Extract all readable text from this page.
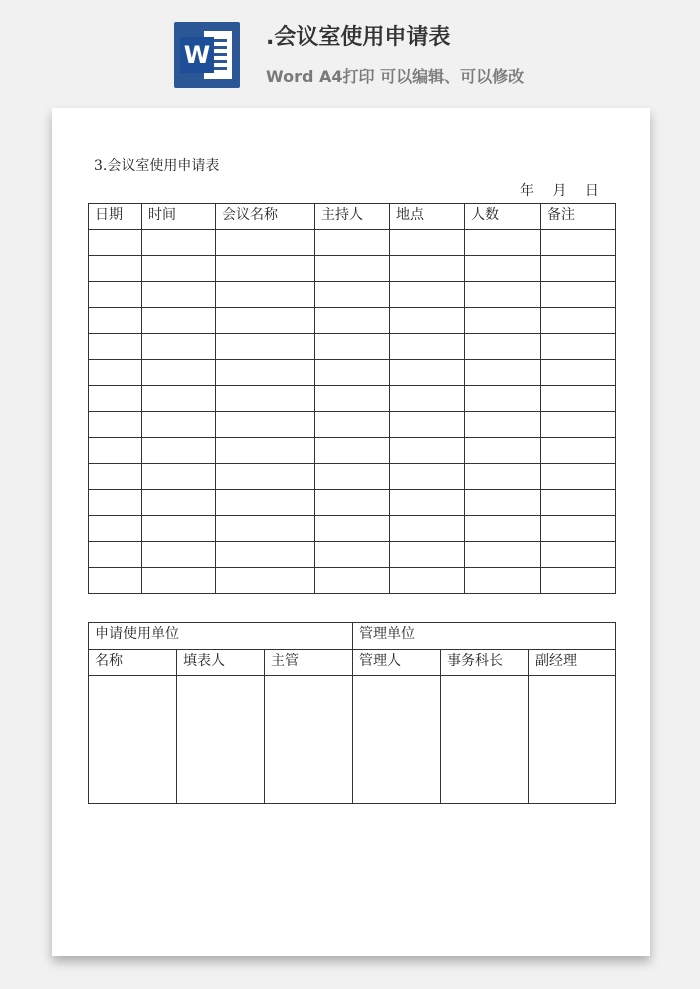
W
.会议室使用申请表
Word A4打印 可以编辑、可以修改
3.会议室使用申请表
年 月 日
日期	时间	会议名称	主持人	地点	人数	备注

申请使用单位			管理单位		
名称	填表人	主管	管理人	事务科长	副经理
